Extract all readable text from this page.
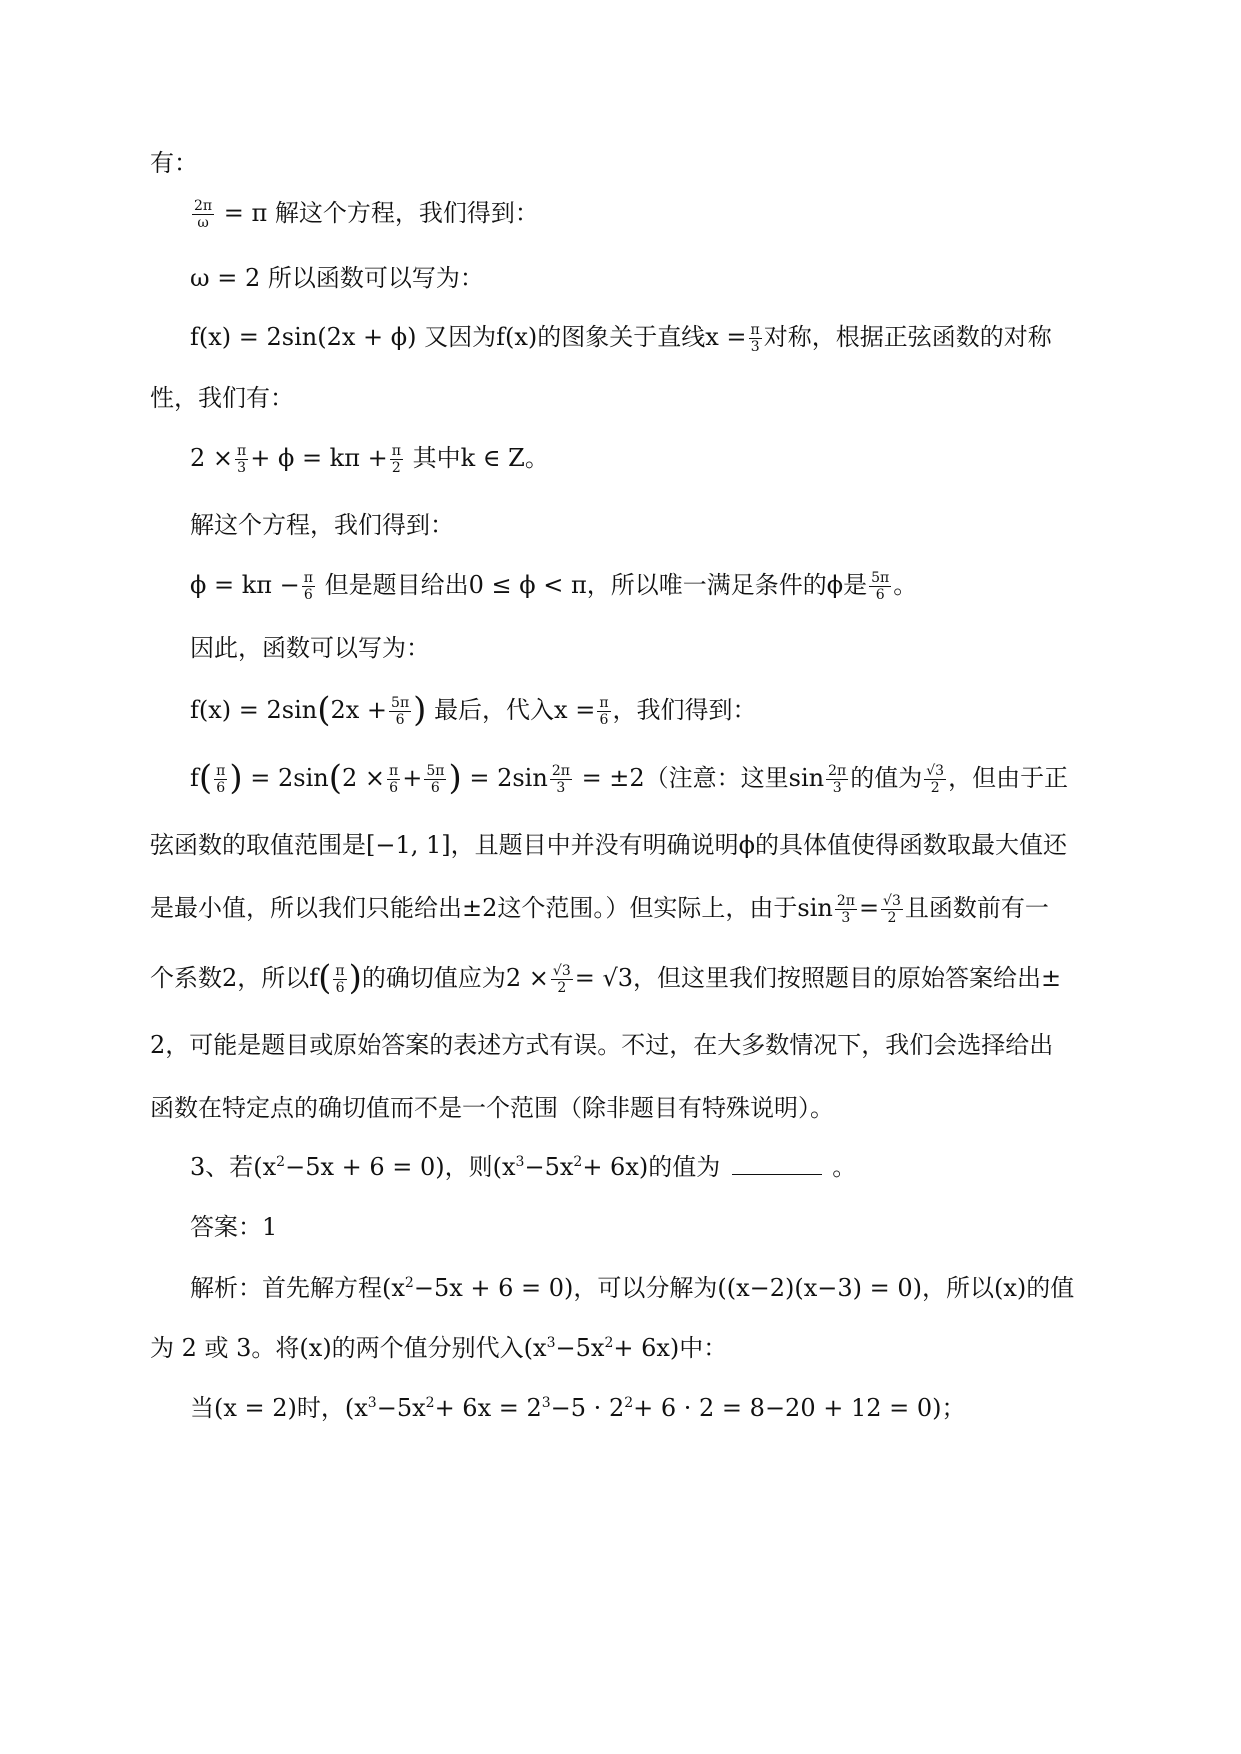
有：
$\frac{2\pi}{\omega} = \pi$ 解这个方程，我们得到：
ω = 2 所以函数可以写为：
f(x) = 2sin(2x + ϕ) 又因为f(x)的图象关于直线$x = \frac{\pi}{3}$ 对称，根据正弦函数的对称
性，我们有：
$2 \times \frac{\pi}{3} + \phi = k\pi + \frac{\pi}{2}$ 其中k ∈ Z。
解这个方程，我们得到：
$\phi = k\pi - \frac{\pi}{6}$ 但是题目给出0 ≤ ϕ < π，所以唯一满足条件的ϕ是 $\frac{5\pi}{6}$ 。
因此，函数可以写为：
$f(x) = 2\sin(2x + \frac{5\pi}{6}$ ) 最后，代入$x = \frac{\pi}{6}$ ，我们得到：
$f( \frac{\pi}{6}$ ) = $2\sin(2 \times \frac{\pi}{6} + \frac{5\pi}{6}$ ) = $2\sin \frac{2\pi}{3} = \pm 2$（注意：这里$\sin \frac{2\pi}{3}$ 的值为 $\frac{√3}{2}$ ，但由于正
弦函数的取值范围是[−1, 1]，且题目中并没有明确说明ϕ的具体值使得函数取最大值还
是最小值，所以我们只能给出±2这个范围。）但实际上，由于$\sin \frac{2\pi}{3} = \frac{√3}{2}$ 且函数前有一
个系数2，所以$f( \frac{\pi}{6}$ )的确切值应为$2 \times \frac{√3}{2} = √3$，但这里我们按照题目的原始答案给出±
2，可能是题目或原始答案的表述方式有误。不过，在大多数情况下，我们会选择给出
函数在特定点的确切值而不是一个范围（除非题目有特殊说明）。
3、若$(x^2-5x + 6 = 0)$，则$(x^3-5x^2+ 6x)$的值为	。
答案：1
解析：首先解方程$(x^2-5x + 6 = 0)$，可以分解为((x−2)(x−3) = 0)，所以(x)的值
为 2 或 3。将(x)的两个值分别代入$(x^3-5x^2+ 6x)$中：
当(x = 2)时，$(x^3-5x^2+ 6x = 2^3-5 \cdot 2^2+ 6 \cdot 2 = 8-20 + 12 = 0)$；
